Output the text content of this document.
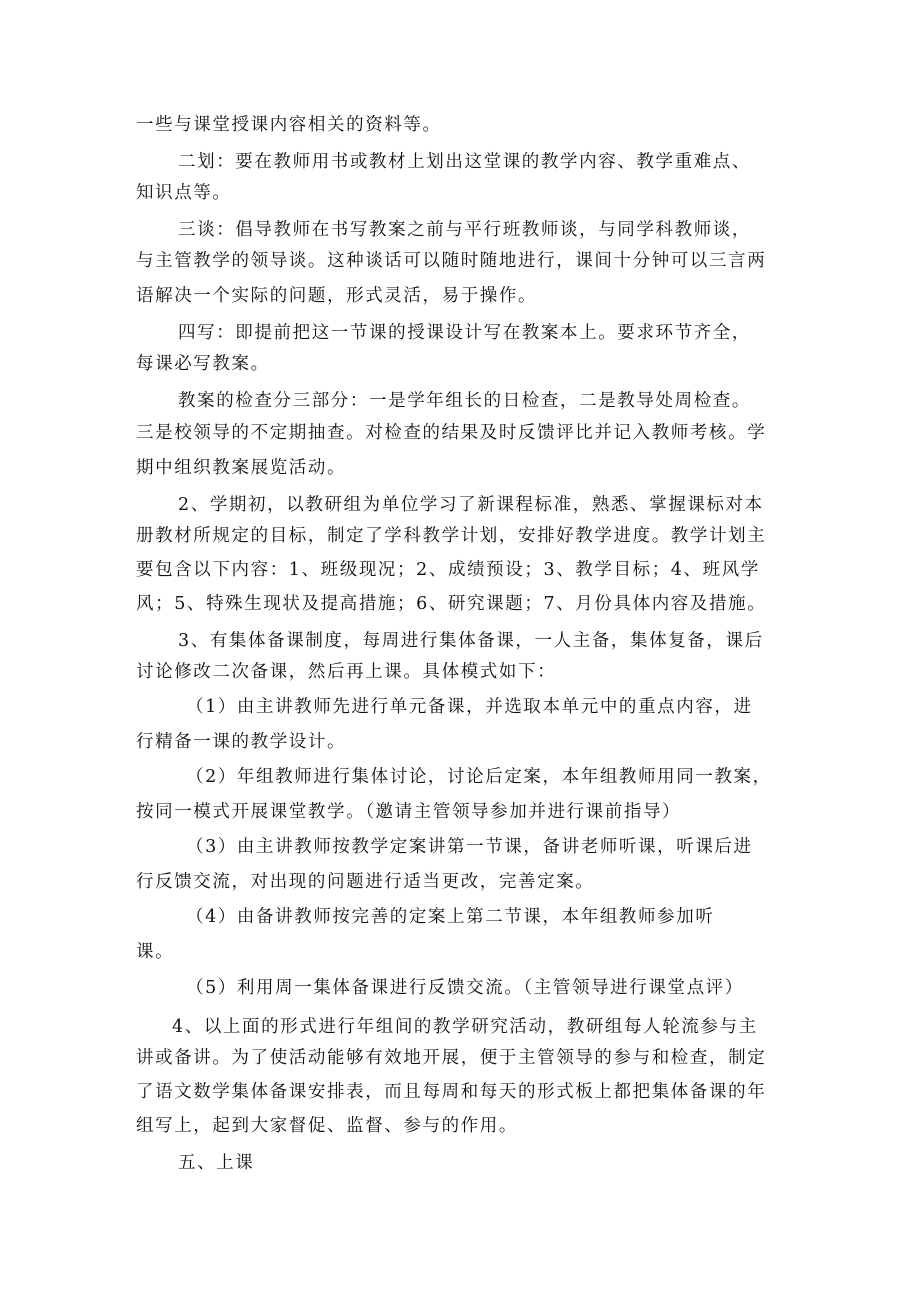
一些与课堂授课内容相关的资料等。
二划：要在教师用书或教材上划出这堂课的教学内容、教学重难点、
知识点等。
三谈：倡导教师在书写教案之前与平行班教师谈，与同学科教师谈，
与主管教学的领导谈。这种谈话可以随时随地进行，课间十分钟可以三言两
语解决一个实际的问题，形式灵活，易于操作。
四写：即提前把这一节课的授课设计写在教案本上。要求环节齐全，
每课必写教案。
教案的检查分三部分：一是学年组长的日检查，二是教导处周检查。
三是校领导的不定期抽查。对检查的结果及时反馈评比并记入教师考核。学
期中组织教案展览活动。
2、学期初，以教研组为单位学习了新课程标准，熟悉、掌握课标对本
册教材所规定的目标，制定了学科教学计划，安排好教学进度。教学计划主
要包含以下内容：1、班级现况；2、成绩预设；3、教学目标；4、班风学
风；5、特殊生现状及提高措施；6、研究课题；7、月份具体内容及措施。
3、有集体备课制度，每周进行集体备课，一人主备，集体复备，课后
讨论修改二次备课，然后再上课。具体模式如下：
（1）由主讲教师先进行单元备课，并选取本单元中的重点内容，进
行精备一课的教学设计。
（2）年组教师进行集体讨论，讨论后定案，本年组教师用同一教案，
按同一模式开展课堂教学。（邀请主管领导参加并进行课前指导）
（3）由主讲教师按教学定案讲第一节课，备讲老师听课，听课后进
行反馈交流，对出现的问题进行适当更改，完善定案。
（4）由备讲教师按完善的定案上第二节课，本年组教师参加听
课。
（5）利用周一集体备课进行反馈交流。（主管领导进行课堂点评）
4、以上面的形式进行年组间的教学研究活动，教研组每人轮流参与主
讲或备讲。为了使活动能够有效地开展，便于主管领导的参与和检查，制定
了语文数学集体备课安排表，而且每周和每天的形式板上都把集体备课的年
组写上，起到大家督促、监督、参与的作用。
五、上课
